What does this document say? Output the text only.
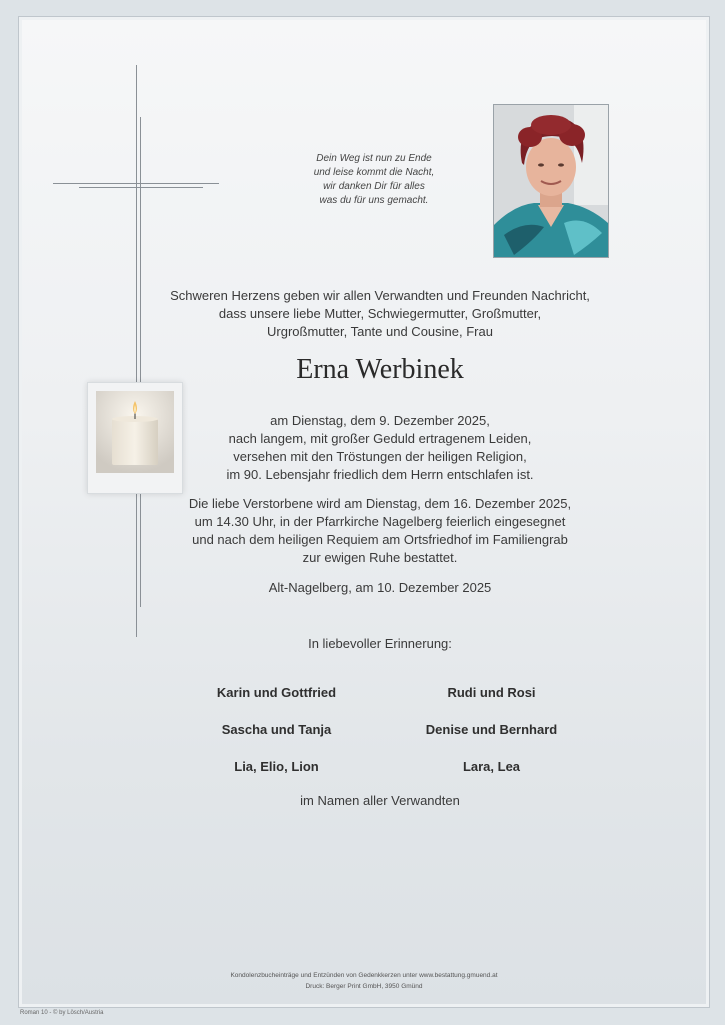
Dein Weg ist nun zu Ende
und leise kommt die Nacht,
wir danken Dir für alles
was du für uns gemacht.
Schweren Herzens geben wir allen Verwandten und Freunden Nachricht,
dass unsere liebe Mutter, Schwiegermutter, Großmutter,
Urgroßmutter, Tante und Cousine, Frau
Erna Werbinek
am Dienstag, dem 9. Dezember 2025,
nach langem, mit großer Geduld ertragenem Leiden,
versehen mit den Tröstungen der heiligen Religion,
im 90. Lebensjahr friedlich dem Herrn entschlafen ist.
Die liebe Verstorbene wird am Dienstag, dem 16. Dezember 2025,
um 14.30 Uhr, in der Pfarrkirche Nagelberg feierlich eingesegnet
und nach dem heiligen Requiem am Ortsfriedhof im Familiengrab
zur ewigen Ruhe bestattet.
Alt-Nagelberg, am 10. Dezember 2025
In liebevoller Erinnerung:
Karin und Gottfried	Rudi und Rosi
Sascha und Tanja	Denise und Bernhard
Lia, Elio, Lion	Lara, Lea
im Namen aller Verwandten
Kondolenzbucheinträge und Entzünden von Gedenkkerzen unter www.bestattung.gmuend.at
Druck: Berger Print GmbH, 3950 Gmünd
Roman 10 - © by Lösch/Austria
